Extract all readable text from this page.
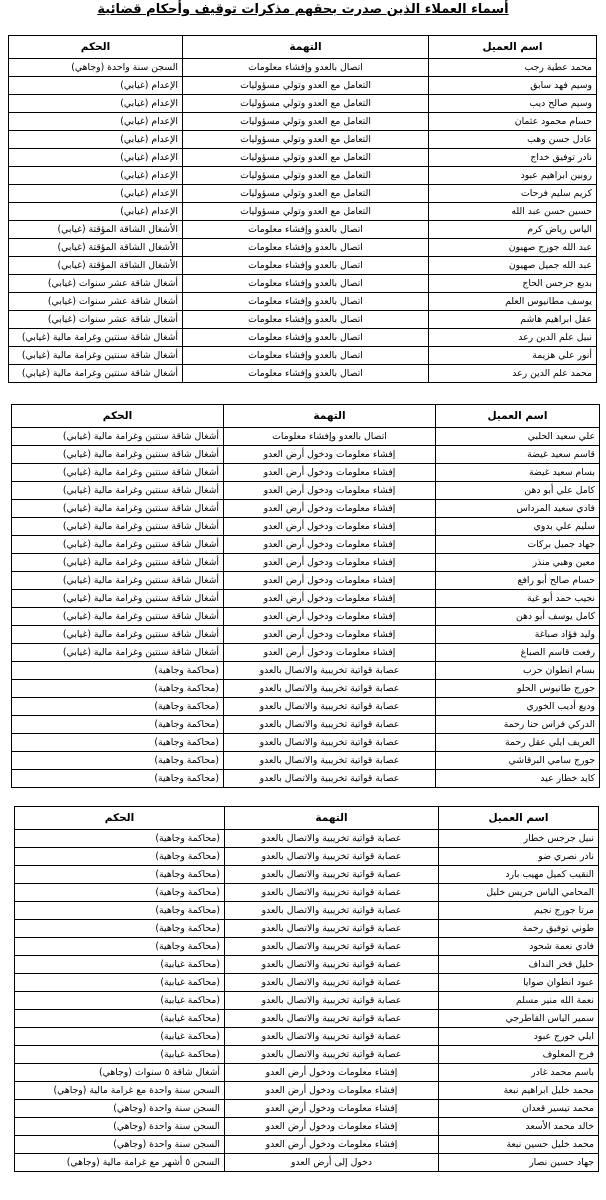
أسماء العملاء الذين صدرت بحقهم مذكرات توقيف وأحكام قضائية
اسم العميل	التهمة	الحكم
محمد عطية رجب	اتصال بالعدو وإفشاء معلومات	السجن سنة واحدة (وجاهي)
وسيم فهد سابق	التعامل مع العدو وتولي مسؤوليات	الإعدام (غيابي)
وسيم صالح ديب	التعامل مع العدو وتولي مسؤوليات	الإعدام (غيابي)
حسام محمود عثمان	التعامل مع العدو وتولي مسؤوليات	الإعدام (غيابي)
عادل حسن وهب	التعامل مع العدو وتولي مسؤوليات	الإعدام (غيابي)
نادر توفيق خداج	التعامل مع العدو وتولي مسؤوليات	الإعدام (غيابي)
روبين ابراهيم عبود	التعامل مع العدو وتولي مسؤوليات	الإعدام (غيابي)
كريم سليم فرحات	التعامل مع العدو وتولي مسؤوليات	الإعدام (غيابي)
حسين حسن عبد الله	التعامل مع العدو وتولي مسؤوليات	الإعدام (غيابي)
الياس رياض كرم	اتصال بالعدو وإفشاء معلومات	الأشغال الشاقة المؤقتة (غيابي)
عبد الله جورج صهيون	اتصال بالعدو وإفشاء معلومات	الأشغال الشاقة المؤقتة (غيابي)
عبد الله جميل صهيون	اتصال بالعدو وإفشاء معلومات	الأشغال الشاقة المؤقتة (غيابي)
بديع جرجس الحاج	اتصال بالعدو وإفشاء معلومات	أشغال شاقة عشر سنوات (غيابي)
يوسف مطانيوس العلم	اتصال بالعدو وإفشاء معلومات	أشغال شاقة عشر سنوات (غيابي)
عقل ابراهيم هاشم	اتصال بالعدو وإفشاء معلومات	أشغال شاقة عشر سنوات (غيابي)
نبيل علم الدين رعد	اتصال بالعدو وإفشاء معلومات	أشغال شاقة سنتين وغرامة مالية (غيابي)
أنور علي هزيمة	اتصال بالعدو وإفشاء معلومات	أشغال شاقة سنتين وغرامة مالية (غيابي)
محمد علم الدين رعد	اتصال بالعدو وإفشاء معلومات	أشغال شاقة سنتين وغرامة مالية (غيابي)
اسم العميل	التهمة	الحكم
علي سعيد الحلبي	اتصال بالعدو وإفشاء معلومات	أشغال شاقة سنتين وغرامة مالية (غيابي)
قاسم سعيد غيضة	إفشاء معلومات ودخول أرض العدو	أشغال شاقة سنتين وغرامة مالية (غيابي)
بسام سعيد غيضة	إفشاء معلومات ودخول أرض العدو	أشغال شاقة سنتين وغرامة مالية (غيابي)
كامل علي أبو دهن	إفشاء معلومات ودخول أرض العدو	أشغال شاقة سنتين وغرامة مالية (غيابي)
فادي سعيد المرداس	إفشاء معلومات ودخول أرض العدو	أشغال شاقة سنتين وغرامة مالية (غيابي)
سليم علي بدوي	إفشاء معلومات ودخول أرض العدو	أشغال شاقة سنتين وغرامة مالية (غيابي)
جهاد جميل بركات	إفشاء معلومات ودخول أرض العدو	أشغال شاقة سنتين وغرامة مالية (غيابي)
معين وهبي منذر	إفشاء معلومات ودخول أرض العدو	أشغال شاقة سنتين وغرامة مالية (غيابي)
حسام صالح أبو رافع	إفشاء معلومات ودخول أرض العدو	أشغال شاقة سنتين وغرامة مالية (غيابي)
نجيب حمد أبو غية	إفشاء معلومات ودخول أرض العدو	أشغال شاقة سنتين وغرامة مالية (غيابي)
كامل يوسف أبو دهن	إفشاء معلومات ودخول أرض العدو	أشغال شاقة سنتين وغرامة مالية (غيابي)
وليد فؤاد صباغة	إفشاء معلومات ودخول أرض العدو	أشغال شاقة سنتين وغرامة مالية (غيابي)
رفعت قاسم الصباغ	إفشاء معلومات ودخول أرض العدو	أشغال شاقة سنتين وغرامة مالية (غيابي)
بسام انطوان حرب	عصابة قواتية تخريبية والاتصال بالعدو	(محاكمة وجاهية)
جورج طانيوس الحلو	عصابة قواتية تخريبية والاتصال بالعدو	(محاكمة وجاهية)
وديع أديب الخوري	عصابة قواتية تخريبية والاتصال بالعدو	(محاكمة وجاهية)
الدركي فراس حنا رحمة	عصابة قواتية تخريبية والاتصال بالعدو	(محاكمة وجاهية)
العريف ايلي عقل رحمة	عصابة قواتية تخريبية والاتصال بالعدو	(محاكمة وجاهية)
جورج سامي البرقاشي	عصابة قواتية تخريبية والاتصال بالعدو	(محاكمة وجاهية)
كايد خطار عيد	عصابة قواتية تخريبية والاتصال بالعدو	(محاكمة وجاهية)
اسم العميل	التهمة	الحكم
نبيل جرجس خطار	عصابة قواتية تخريبية والاتصال بالعدو	(محاكمة وجاهية)
نادر نصري ضو	عصابة قواتية تخريبية والاتصال بالعدو	(محاكمة وجاهية)
النقيب كميل مهيب بارد	عصابة قواتية تخريبية والاتصال بالعدو	(محاكمة وجاهية)
المحامي الياس جريس خليل	عصابة قواتية تخريبية والاتصال بالعدو	(محاكمة وجاهية)
مرتا جورج نجيم	عصابة قواتية تخريبية والاتصال بالعدو	(محاكمة وجاهية)
طوني توفيق رحمة	عصابة قواتية تخريبية والاتصال بالعدو	(محاكمة وجاهية)
فادي نعمة شحود	عصابة قواتية تخريبية والاتصال بالعدو	(محاكمة وجاهية)
خليل فخر النداف	عصابة قواتية تخريبية والاتصال بالعدو	(محاكمة غيابية)
عبود انطوان صوايا	عصابة قواتية تخريبية والاتصال بالعدو	(محاكمة غيابية)
نعمة الله منير مسلم	عصابة قواتية تخريبية والاتصال بالعدو	(محاكمة غيابية)
سمير الياس القاطرجي	عصابة قواتية تخريبية والاتصال بالعدو	(محاكمة غيابية)
ايلي جورج عبود	عصابة قواتية تخريبية والاتصال بالعدو	(محاكمة غيابية)
فرح المعلوف	عصابة قواتية تخريبية والاتصال بالعدو	(محاكمة غيابية)
باسم محمد غادر	إفشاء معلومات ودخول أرض العدو	أشغال شاقة ٥ سنوات (وجاهي)
محمد خليل ابراهيم نبعة	إفشاء معلومات ودخول أرض العدو	السجن سنة واحدة مع غرامة مالية (وجاهي)
محمد تيسير قعدان	إفشاء معلومات ودخول أرض العدو	السجن سنة واحدة (وجاهي)
خالد محمد الأسعد	إفشاء معلومات ودخول أرض العدو	السجن سنة واحدة (وجاهي)
محمد خليل حسين نبعة	إفشاء معلومات ودخول أرض العدو	السجن سنة واحدة (وجاهي)
جهاد حسين نصار	دخول إلى أرض العدو	السجن ٥ أشهر مع غرامة مالية (وجاهي)
